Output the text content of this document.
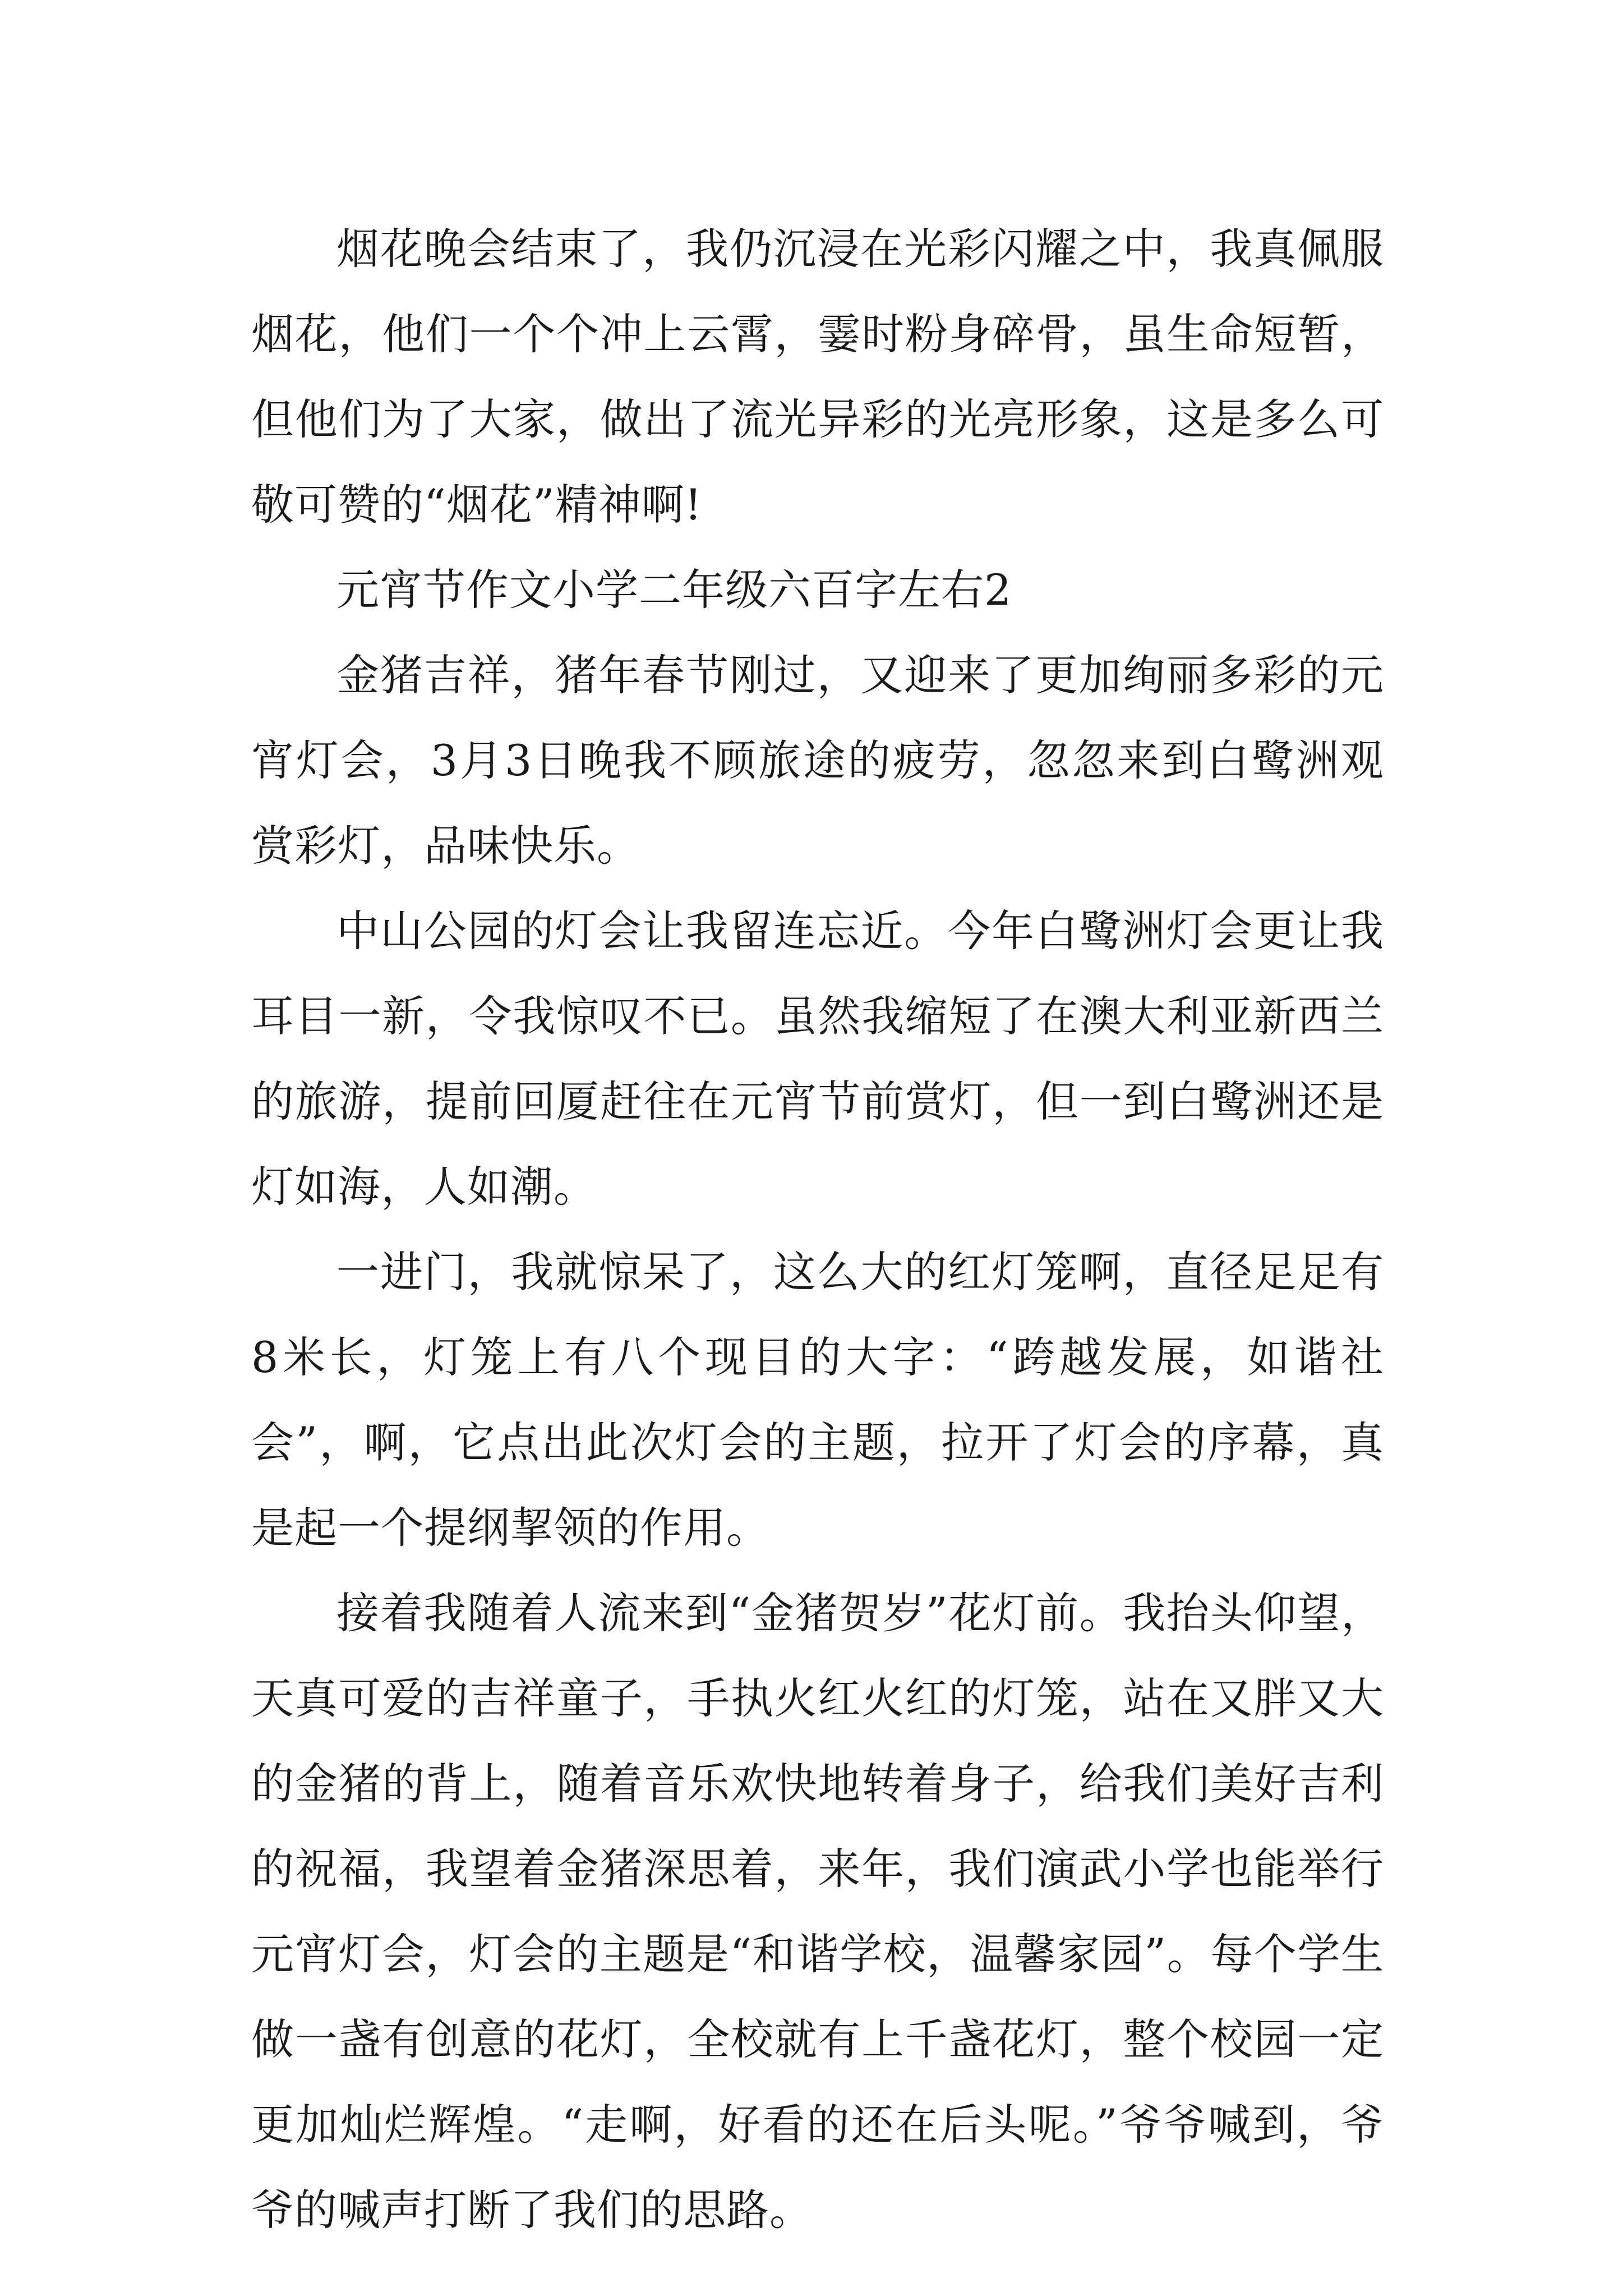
烟花晚会结束了，我仍沉浸在光彩闪耀之中，我真佩服烟花，他们一个个冲上云霄，霎时粉身碎骨，虽生命短暂，但他们为了大家，做出了流光异彩的光亮形象，这是多么可敬可赞的“烟花”精神啊!

元宵节作文小学二年级六百字左右2

金猪吉祥，猪年春节刚过，又迎来了更加绚丽多彩的元宵灯会，3月3日晚我不顾旅途的疲劳，忽忽来到白鹭洲观赏彩灯，品味快乐。

中山公园的灯会让我留连忘近。今年白鹭洲灯会更让我耳目一新，令我惊叹不已。虽然我缩短了在澳大利亚新西兰的旅游，提前回厦赶往在元宵节前赏灯，但一到白鹭洲还是灯如海，人如潮。

一进门，我就惊呆了，这么大的红灯笼啊，直径足足有8米长，灯笼上有八个现目的大字：“跨越发展，如谐社会”，啊，它点出此次灯会的主题，拉开了灯会的序幕，真是起一个提纲挈领的作用。

接着我随着人流来到“金猪贺岁”花灯前。我抬头仰望，天真可爱的吉祥童子，手执火红火红的灯笼，站在又胖又大的金猪的背上，随着音乐欢快地转着身子，给我们美好吉利的祝福，我望着金猪深思着，来年，我们演武小学也能举行元宵灯会，灯会的主题是“和谐学校，温馨家园”。每个学生做一盏有创意的花灯，全校就有上千盏花灯，整个校园一定更加灿烂辉煌。“走啊，好看的还在后头呢。”爷爷喊到，爷爷的喊声打断了我们的思路。
